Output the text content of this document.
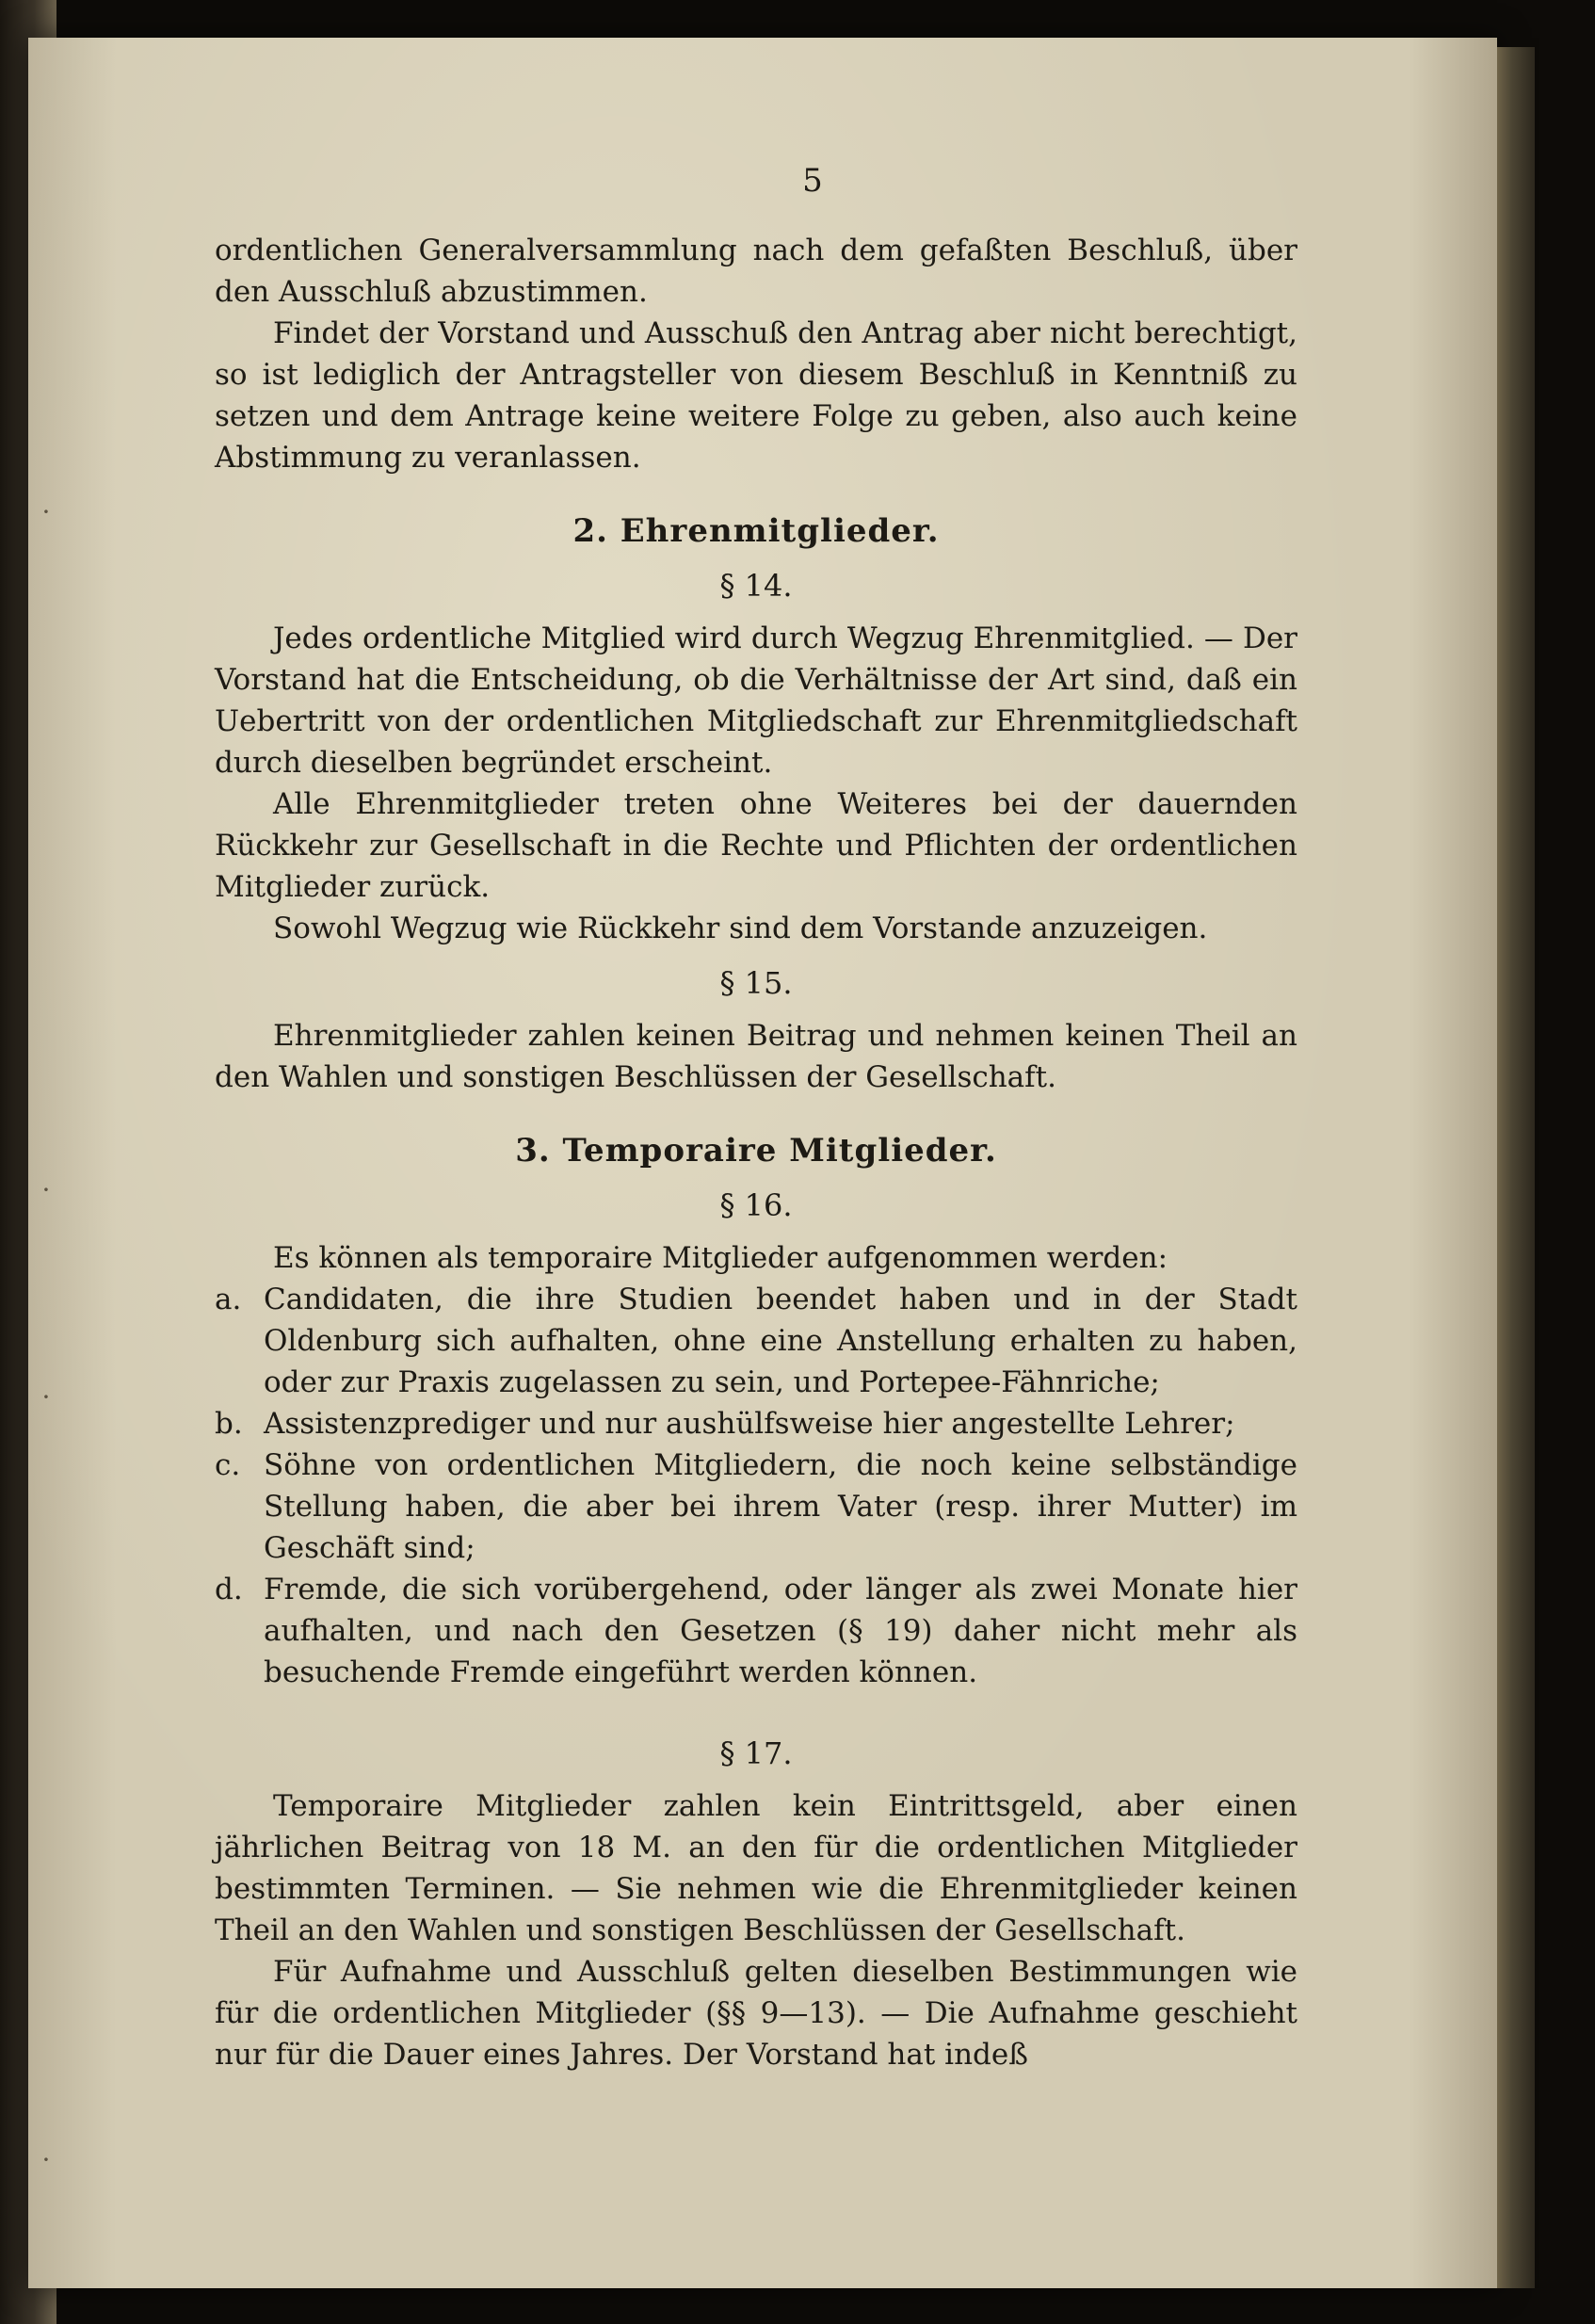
·
·
·
·
5

ordentlichen Generalversammlung nach dem gefaßten Beschluß, über den Ausschluß abzustimmen.

Findet der Vorstand und Ausschuß den Antrag aber nicht berechtigt, so ist lediglich der Antragsteller von diesem Beschluß in Kenntniß zu setzen und dem Antrage keine weitere Folge zu geben, also auch keine Abstimmung zu veranlassen.

2. Ehrenmitglieder.
§ 14.

Jedes ordentliche Mitglied wird durch Wegzug Ehrenmitglied. — Der Vorstand hat die Entscheidung, ob die Verhältnisse der Art sind, daß ein Uebertritt von der ordentlichen Mitgliedschaft zur Ehrenmitgliedschaft durch dieselben begründet erscheint.

Alle Ehrenmitglieder treten ohne Weiteres bei der dauernden Rückkehr zur Gesellschaft in die Rechte und Pflichten der ordentlichen Mitglieder zurück.

Sowohl Wegzug wie Rückkehr sind dem Vorstande anzuzeigen.

§ 15.

Ehrenmitglieder zahlen keinen Beitrag und nehmen keinen Theil an den Wahlen und sonstigen Beschlüssen der Gesellschaft.

3. Temporaire Mitglieder.
§ 16.

Es können als temporaire Mitglieder aufgenommen werden:

a. Candidaten, die ihre Studien beendet haben und in der Stadt Oldenburg sich aufhalten, ohne eine Anstellung erhalten zu haben, oder zur Praxis zugelassen zu sein, und Portepee-Fähnriche;
b. Assistenzprediger und nur aushülfsweise hier angestellte Lehrer;
c. Söhne von ordentlichen Mitgliedern, die noch keine selbständige Stellung haben, die aber bei ihrem Vater (resp. ihrer Mutter) im Geschäft sind;
d. Fremde, die sich vorübergehend, oder länger als zwei Monate hier aufhalten, und nach den Gesetzen (§ 19) daher nicht mehr als besuchende Fremde eingeführt werden können.
§ 17.

Temporaire Mitglieder zahlen kein Eintrittsgeld, aber einen jährlichen Beitrag von 18 M. an den für die ordentlichen Mitglieder bestimmten Terminen. — Sie nehmen wie die Ehrenmitglieder keinen Theil an den Wahlen und sonstigen Beschlüssen der Gesellschaft.

Für Aufnahme und Ausschluß gelten dieselben Bestimmungen wie für die ordentlichen Mitglieder (§§ 9—13). — Die Aufnahme geschieht nur für die Dauer eines Jahres. Der Vorstand hat indeß
